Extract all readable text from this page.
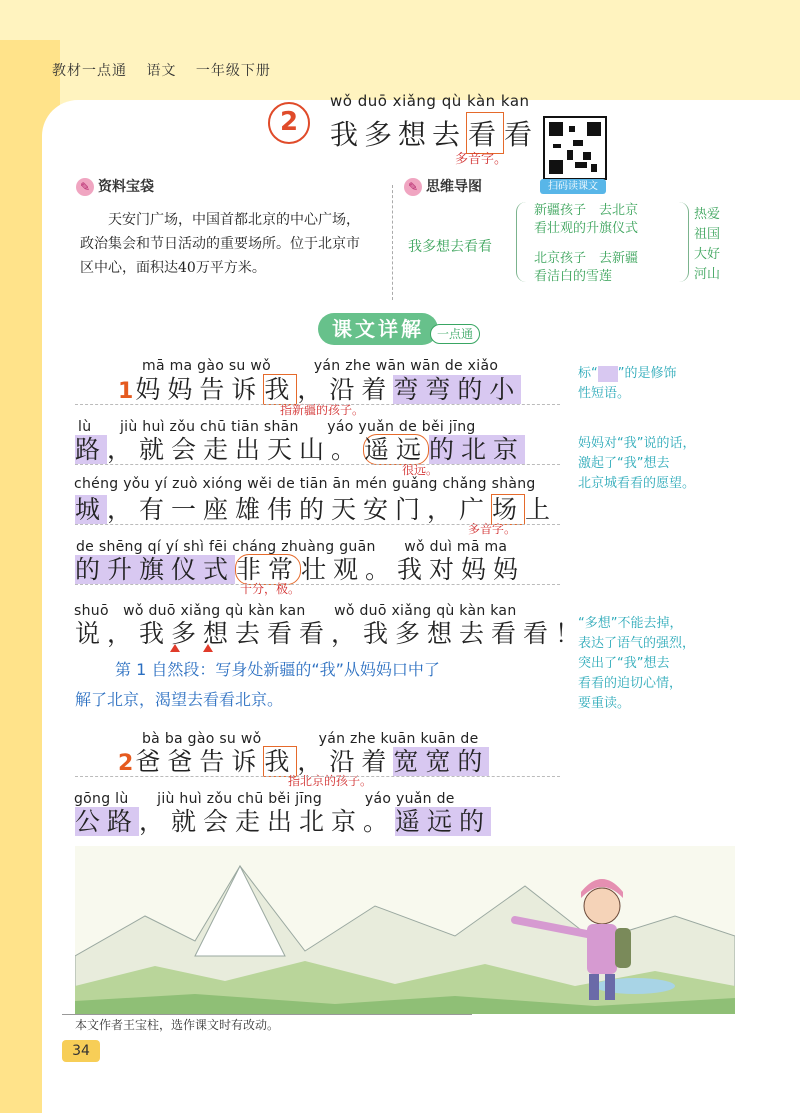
教材一点通 语文 一年级下册
2
wǒ duō xiǎng qù kàn kan
我多想去看看
多音字。
扫码读课文
✎ 资料宝袋
天安门广场，中国首都北京的中心广场，政治集会和节日活动的重要场所。位于北京市区中心，面积达40万平方米。
✎ 思维导图
我多想去看看
新疆孩子　去北京
看壮观的升旗仪式
北京孩子　去新疆
看洁白的雪莲
热爱
祖国
大好
河山
课文详解	一点通
mā ma gào su wǒ　　　yán zhe wān wān de xiǎo
1妈妈告诉我，沿着弯弯的小
指新疆的孩子。
lù　　jiù huì zǒu chū tiān shān　　yáo yuǎn de běi jīng
路，就会走出天山。遥远的北京
很远。
chéng yǒu yí zuò xióng wěi de tiān ān mén guǎng chǎng shàng
城，有一座雄伟的天安门，广场上
多音字。
de shēng qí yí shì fēi cháng zhuàng guān　　wǒ duì mā ma
的升旗仪式非常壮观。我对妈妈
十分，极。
shuō　wǒ duō xiǎng qù kàn kan　　wǒ duō xiǎng qù kàn kan
说，我多想去看看，我多想去看看！
第 1 自然段：写身处新疆的“我”从妈妈口中了
解了北京，渴望去看看北京。
bà ba gào su wǒ　　　　yán zhe kuān kuān de
2爸爸告诉我，沿着宽宽的
指北京的孩子。
gōng lù　　jiù huì zǒu chū běi jīng　　　yáo yuǎn de
公路，就会走出北京。遥远的
标“ ”的是修饰
性短语。
妈妈对“我”说的话，
激起了“我”想去
北京城看看的愿望。
“多想”不能去掉，
表达了语气的强烈，
突出了“我”想去
看看的迫切心情，
要重读。
本文作者王宝柱，选作课文时有改动。
34
